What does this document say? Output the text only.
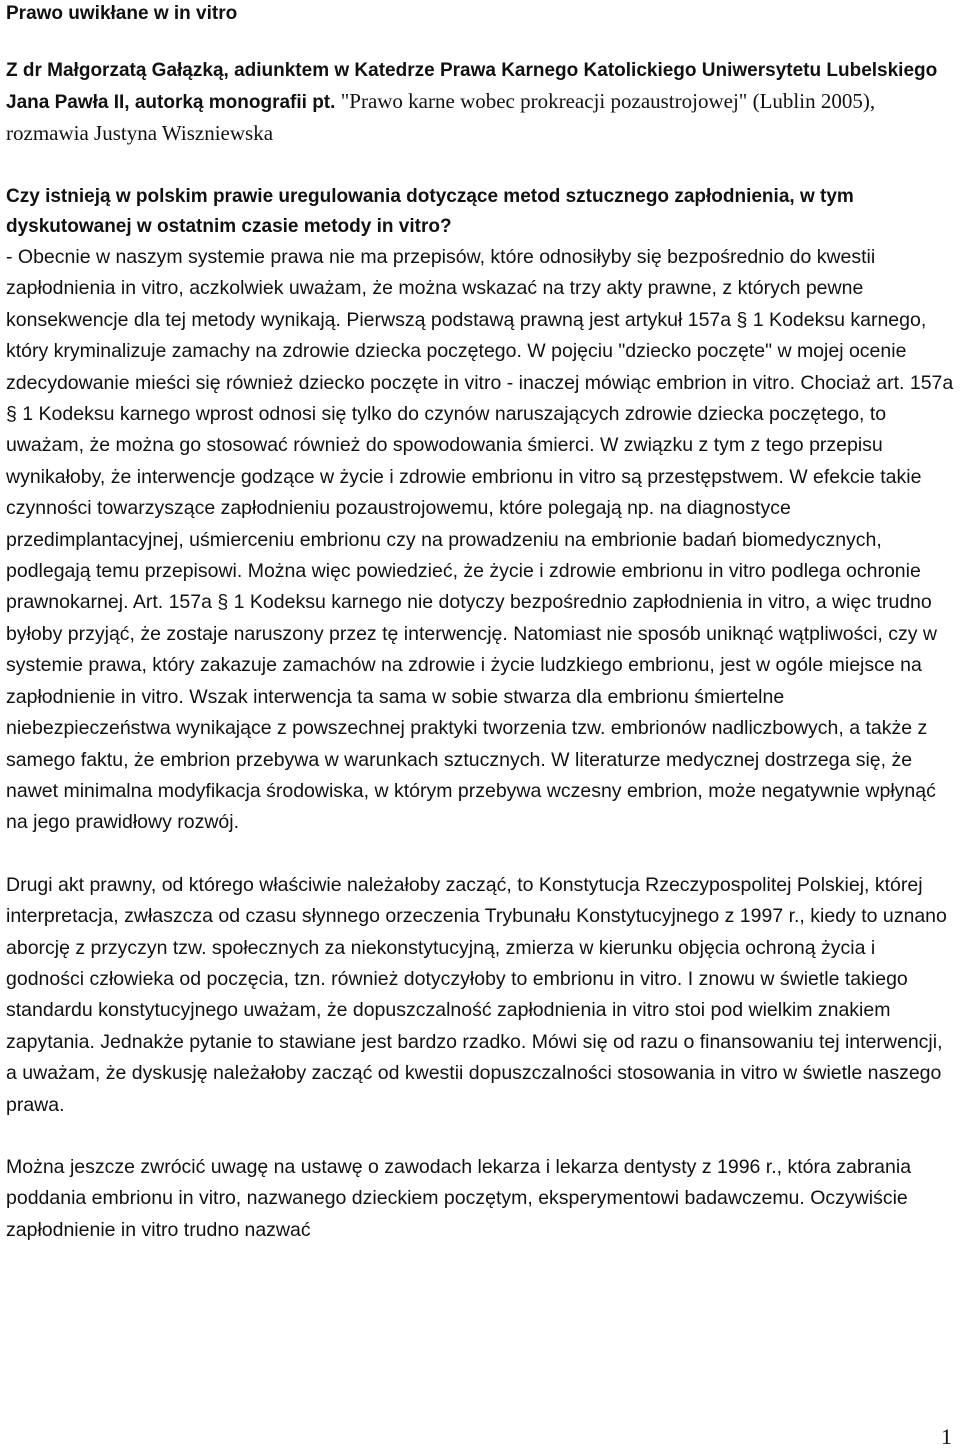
Prawo uwikłane w in vitro
Z dr Małgorzatą Gałązką, adiunktem w Katedrze Prawa Karnego Katolickiego Uniwersytetu Lubelskiego Jana Pawła II, autorką monografii pt. "Prawo karne wobec prokreacji pozaustrojowej" (Lublin 2005), rozmawia Justyna Wiszniewska
Czy istnieją w polskim prawie uregulowania dotyczące metod sztucznego zapłodnienia, w tym dyskutowanej w ostatnim czasie metody in vitro?

- Obecnie w naszym systemie prawa nie ma przepisów, które odnosiłyby się bezpośrednio do kwestii zapłodnienia in vitro, aczkolwiek uważam, że można wskazać na trzy akty prawne, z których pewne konsekwencje dla tej metody wynikają. Pierwszą podstawą prawną jest artykuł 157a § 1 Kodeksu karnego, który kryminalizuje zamachy na zdrowie dziecka poczętego. W pojęciu "dziecko poczęte" w mojej ocenie zdecydowanie mieści się również dziecko poczęte in vitro - inaczej mówiąc embrion in vitro. Chociaż art. 157a § 1 Kodeksu karnego wprost odnosi się tylko do czynów naruszających zdrowie dziecka poczętego, to uważam, że można go stosować również do spowodowania śmierci. W związku z tym z tego przepisu wynikałoby, że interwencje godzące w życie i zdrowie embrionu in vitro są przestępstwem. W efekcie takie czynności towarzyszące zapłodnieniu pozaustrojowemu, które polegają np. na diagnostyce przedimplantacyjnej, uśmierceniu embrionu czy na prowadzeniu na embrionie badań biomedycznych, podlegają temu przepisowi. Można więc powiedzieć, że życie i zdrowie embrionu in vitro podlega ochronie prawnokarnej. Art. 157a § 1 Kodeksu karnego nie dotyczy bezpośrednio zapłodnienia in vitro, a więc trudno byłoby przyjąć, że zostaje naruszony przez tę interwencję. Natomiast nie sposób uniknąć wątpliwości, czy w systemie prawa, który zakazuje zamachów na zdrowie i życie ludzkiego embrionu, jest w ogóle miejsce na zapłodnienie in vitro. Wszak interwencja ta sama w sobie stwarza dla embrionu śmiertelne niebezpieczeństwa wynikające z powszechnej praktyki tworzenia tzw. embrionów nadliczbowych, a także z samego faktu, że embrion przebywa w warunkach sztucznych. W literaturze medycznej dostrzega się, że nawet minimalna modyfikacja środowiska, w którym przebywa wczesny embrion, może negatywnie wpłynąć na jego prawidłowy rozwój.

Drugi akt prawny, od którego właściwie należałoby zacząć, to Konstytucja Rzeczypospolitej Polskiej, której interpretacja, zwłaszcza od czasu słynnego orzeczenia Trybunału Konstytucyjnego z 1997 r., kiedy to uznano aborcję z przyczyn tzw. społecznych za niekonstytucyjną, zmierza w kierunku objęcia ochroną życia i godności człowieka od poczęcia, tzn. również dotyczyłoby to embrionu in vitro. I znowu w świetle takiego standardu konstytucyjnego uważam, że dopuszczalność zapłodnienia in vitro stoi pod wielkim znakiem zapytania. Jednakże pytanie to stawiane jest bardzo rzadko. Mówi się od razu o finansowaniu tej interwencji, a uważam, że dyskusję należałoby zacząć od kwestii dopuszczalności stosowania in vitro w świetle naszego prawa.

Można jeszcze zwrócić uwagę na ustawę o zawodach lekarza i lekarza dentysty z 1996 r., która zabrania poddania embrionu in vitro, nazwanego dzieckiem poczętym, eksperymentowi badawczemu. Oczywiście zapłodnienie in vitro trudno nazwać

1
